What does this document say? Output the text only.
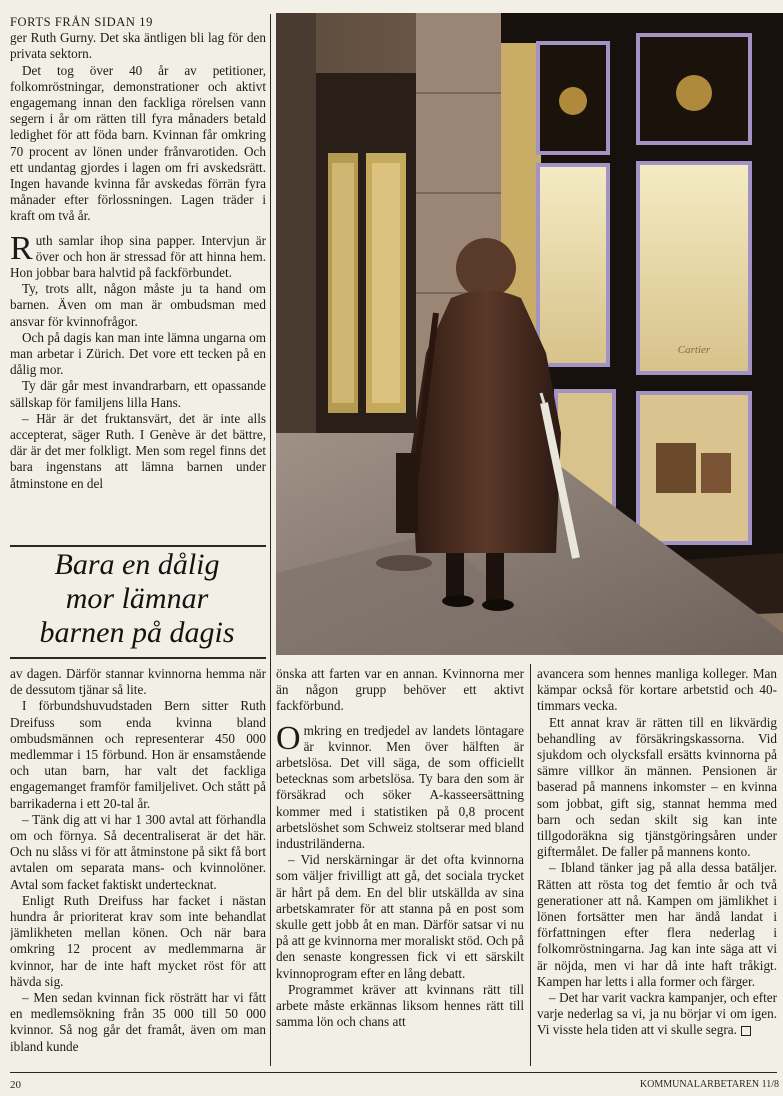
FORTS FRÅN SIDAN 19

ger Ruth Gurny. Det ska äntligen bli lag för den privata sektorn.

Det tog över 40 år av petitioner, folkomröstningar, demonstrationer och aktivt engagemang innan den fackliga rörelsen vann segern i år om rätten till fyra månaders betald ledighet för att föda barn. Kvinnan får omkring 70 procent av lönen under frånvarotiden. Och ett undantag gjordes i lagen om fri avskedsrätt. Ingen havande kvinna får avskedas förrän fyra månader efter förlossningen. Lagen träder i kraft om två år.

Ruth samlar ihop sina papper. Intervjun är över och hon är stressad för att hinna hem. Hon jobbar bara halvtid på fackförbundet.

Ty, trots allt, någon måste ju ta hand om barnen. Även om man är ombudsman med ansvar för kvinnofrågor.

Och på dagis kan man inte lämna ungarna om man arbetar i Zürich. Det vore ett tecken på en dålig mor.

Ty där går mest invandrarbarn, ett opassande sällskap för familjens lilla Hans.

– Här är det fruktansvärt, det är inte alls accepterat, säger Ruth. I Genève är det bättre, där är det mer folkligt. Men som regel finns det bara ingenstans att lämna barnen under åtminstone en del

Bara en dålig
mor lämnar
barnen på dagis
Cartier

av dagen. Därför stannar kvinnorna hemma när de dessutom tjänar så lite.

I förbundshuvudstaden Bern sitter Ruth Dreifuss som enda kvinna bland ombudsmännen och representerar 450 000 medlemmar i 15 förbund. Hon är ensamstående och utan barn, har valt det fackliga engagemanget framför familjelivet. Och stått på barrikaderna i ett 20-tal år.

– Tänk dig att vi har 1 300 avtal att förhandla om och förnya. Så decentraliserat är det här. Och nu slåss vi för att åtminstone på sikt få bort avtalen om separata mans- och kvinnolöner. Avtal som facket faktiskt undertecknat.

Enligt Ruth Dreifuss har facket i nästan hundra år prioriterat krav som inte behandlat jämlikheten mellan könen. Och när bara omkring 12 procent av medlemmarna är kvinnor, har de inte haft mycket röst för att hävda sig.

– Men sedan kvinnan fick rösträtt har vi fått en medlemsökning från 35 000 till 50 000 kvinnor. Så nog går det framåt, även om man ibland kunde

önska att farten var en annan. Kvinnorna mer än någon grupp behöver ett aktivt fackförbund.

Omkring en tredjedel av landets löntagare är kvinnor. Men över hälften är arbetslösa. Det vill säga, de som officiellt betecknas som arbetslösa. Ty bara den som är försäkrad och söker A-kasseersättning kommer med i statistiken på 0,8 procent arbetslöshet som Schweiz stoltserar med bland industriländerna.

– Vid nerskärningar är det ofta kvinnorna som väljer frivilligt att gå, det sociala trycket är hårt på dem. En del blir utskällda av sina arbetskamrater för att stanna på en post som skulle gett jobb åt en man. Därför satsar vi nu på att ge kvinnorna mer moraliskt stöd. Och på den senaste kongressen fick vi ett särskilt kvinnoprogram efter en lång debatt.

Programmet kräver att kvinnans rätt till arbete måste erkännas liksom hennes rätt till samma lön och chans att

avancera som hennes manliga kolleger. Man kämpar också för kortare arbetstid och 40-timmars vecka.

Ett annat krav är rätten till en likvärdig behandling av försäkringskassorna. Vid sjukdom och olycksfall ersätts kvinnorna på sämre villkor än männen. Pensionen är baserad på mannens inkomster – en kvinna som jobbat, gift sig, stannat hemma med barn och sedan skilt sig kan inte tillgodoräkna sig tjänstgöringsåren under giftermålet. De faller på mannens konto.

– Ibland tänker jag på alla dessa batāljer. Rätten att rösta tog det femtio år och två generationer att nå. Kampen om jämlikhet i lönen fortsätter men har ändå landat i författningen efter flera nederlag i folkomröstningarna. Jag kan inte säga att vi är nöjda, men vi har då inte haft tråkigt. Kampen har letts i alla former och färger.

– Det har varit vackra kampanjer, och efter varje nederlag sa vi, ja nu börjar vi om igen. Vi visste hela tiden att vi skulle segra.

20	KOMMUNALARBETAREN 11/8
